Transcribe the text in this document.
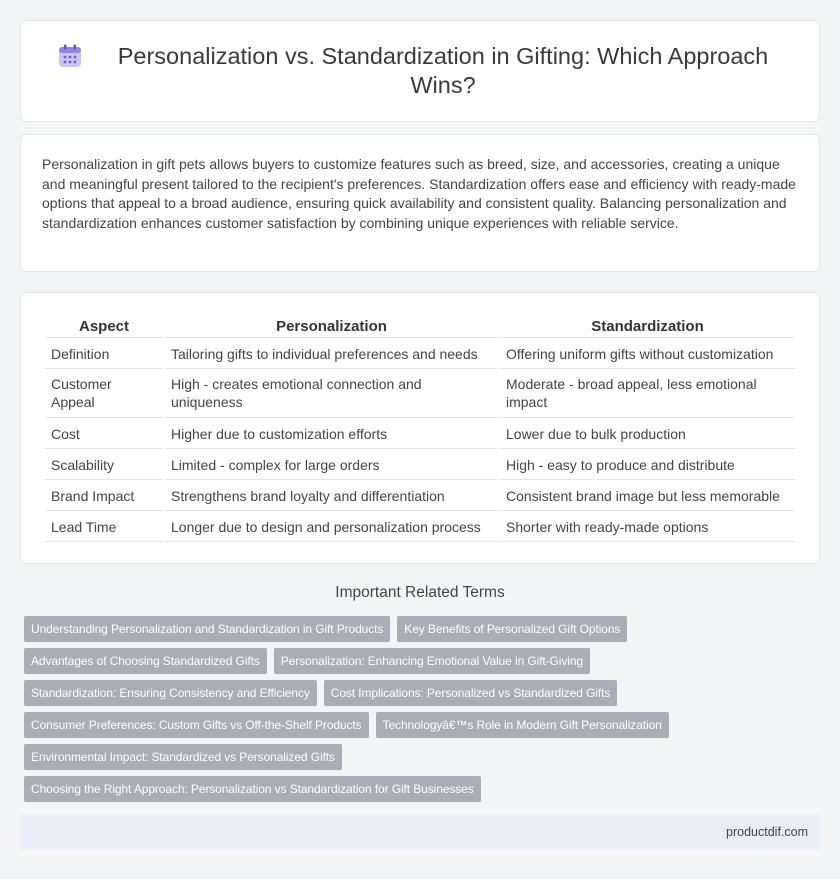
Personalization vs. Standardization in Gifting: Which Approach Wins?

Personalization in gift pets allows buyers to customize features such as breed, size, and accessories, creating a unique and meaningful present tailored to the recipient's preferences. Standardization offers ease and efficiency with ready-made options that appeal to a broad audience, ensuring quick availability and consistent quality. Balancing personalization and standardization enhances customer satisfaction by combining unique experiences with reliable service.

Aspect	Personalization	Standardization
Definition	Tailoring gifts to individual preferences and needs	Offering uniform gifts without customization
Customer Appeal	High - creates emotional connection and uniqueness	Moderate - broad appeal, less emotional impact
Cost	Higher due to customization efforts	Lower due to bulk production
Scalability	Limited - complex for large orders	High - easy to produce and distribute
Brand Impact	Strengthens brand loyalty and differentiation	Consistent brand image but less memorable
Lead Time	Longer due to design and personalization process	Shorter with ready-made options
Important Related Terms
Understanding Personalization and Standardization in Gift Products	Key Benefits of Personalized Gift Options
Advantages of Choosing Standardized Gifts	Personalization: Enhancing Emotional Value in Gift-Giving
Standardization: Ensuring Consistency and Efficiency	Cost Implications: Personalized vs Standardized Gifts
Consumer Preferences: Custom Gifts vs Off-the-Shelf Products	Technologyâ€™s Role in Modern Gift Personalization
Environmental Impact: Standardized vs Personalized Gifts
Choosing the Right Approach: Personalization vs Standardization for Gift Businesses
productdif.com
